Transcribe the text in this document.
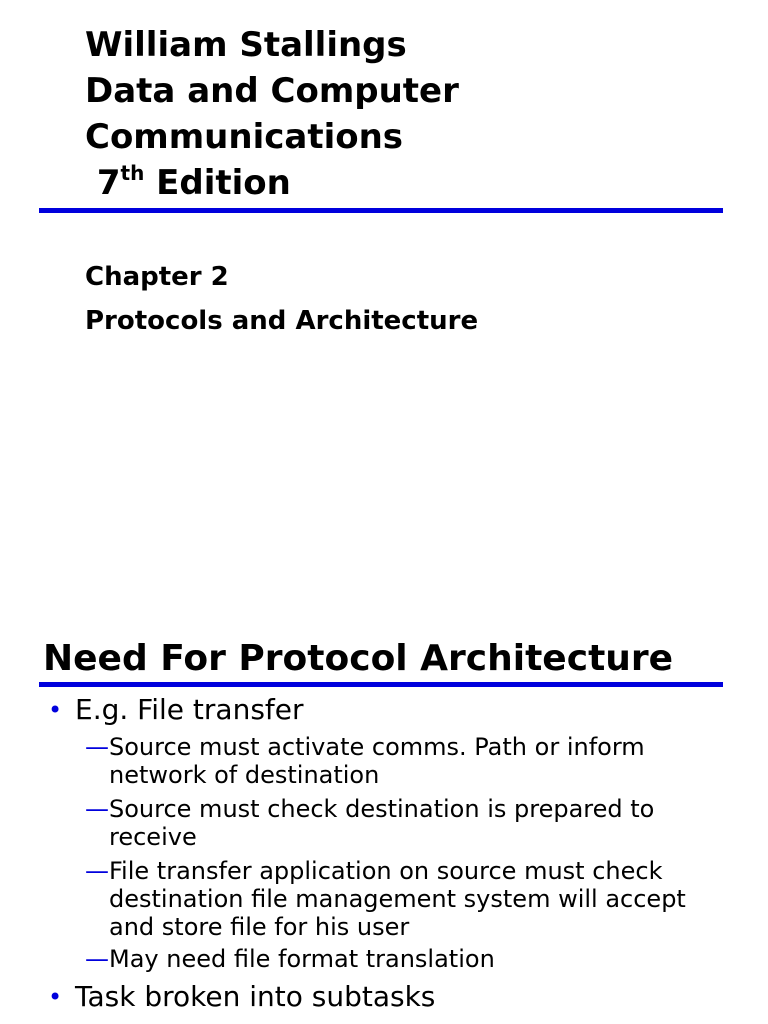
William Stallings
Data and Computer
Communications
7th Edition
Chapter 2
Protocols and Architecture
Need For Protocol Architecture
• E.g. File transfer
— Source must activate comms. Path or inform network of destination
— Source must check destination is prepared to receive
— File transfer application on source must check destination file management system will accept and store file for his user
— May need file format translation
• Task broken into subtasks
